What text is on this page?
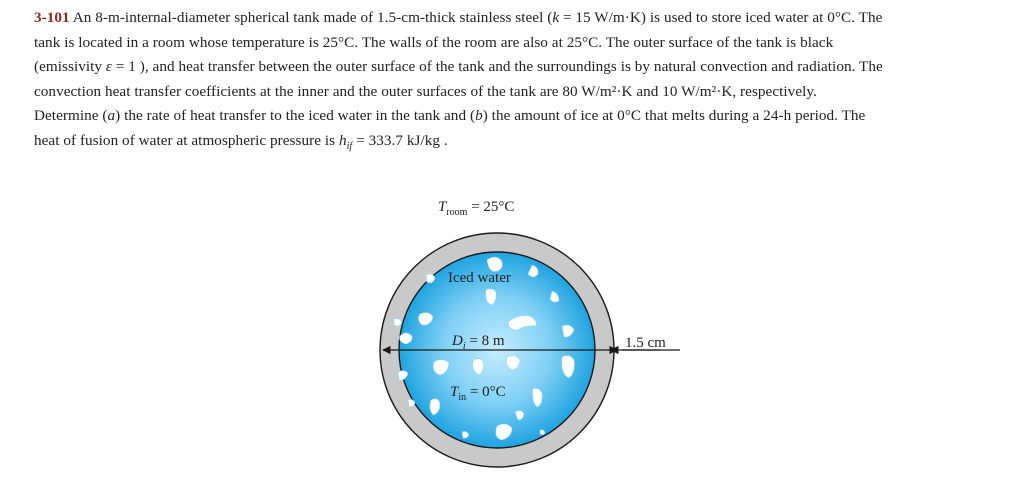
3-101 An 8-m-internal-diameter spherical tank made of 1.5-cm-thick stainless steel (k = 15 W/m·K) is used to store iced water at 0°C. The
tank is located in a room whose temperature is 25°C. The walls of the room are also at 25°C. The outer surface of the tank is black
(emissivity ε = 1 ), and heat transfer between the outer surface of the tank and the surroundings is by natural convection and radiation. The
convection heat transfer coefficients at the inner and the outer surfaces of the tank are 80 W/m²·K and 10 W/m²·K, respectively.
Determine (a) the rate of heat transfer to the iced water in the tank and (b) the amount of ice at 0°C that melts during a 24-h period. The
heat of fusion of water at atmospheric pressure is $h_{if} = 333.7$ kJ/kg .
$T_{room} = 25^\circ C$
1.5 cm
Iced water
$D_i = 8$ m
$T_{in} = 0^\circ C$
